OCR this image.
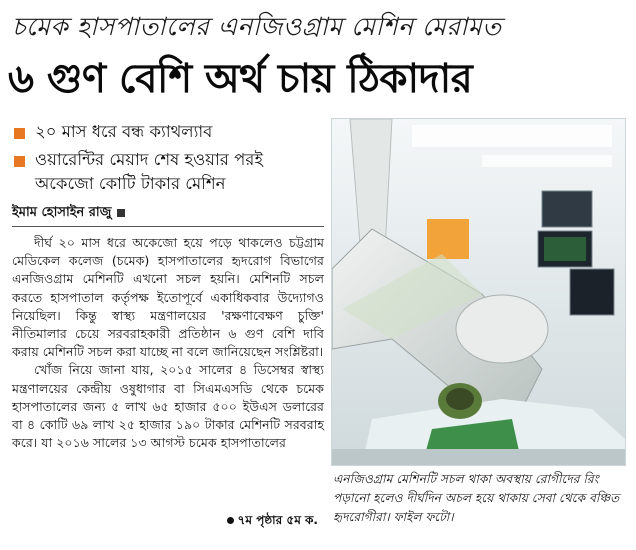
চমেক হাসপাতালের এনজিওগ্রাম মেশিন মেরামত
৬ গুণ বেশি অর্থ চায় ঠিকাদার
২০ মাস ধরে বন্ধ ক্যাথল্যাব
ওয়ারেন্টির মেয়াদ শেষ হওয়ার পরই অকেজো কোটি টাকার মেশিন
ইমাম হোসাইন রাজু

দীর্ঘ ২০ মাস ধরে অকেজো হয়ে পড়ে থাকলেও চট্টগ্রাম মেডিকেল কলেজ (চমেক) হাসপাতালের হৃদরোগ বিভাগের এনজিওগ্রাম মেশিনটি এখনো সচল হয়নি। মেশিনটি সচল করতে হাসপাতাল কর্তৃপক্ষ ইতোপূর্বে একাধিকবার উদ্যোগও নিয়েছিল। কিন্তু স্বাস্থ্য মন্ত্রণালয়ের 'রক্ষণাবেক্ষণ চুক্তি' নীতিমালার চেয়ে সরবরাহকারী প্রতিষ্ঠান ৬ গুণ বেশি দাবি করায় মেশিনটি সচল করা যাচ্ছে না বলে জানিয়েছেন সংশ্লিষ্টরা।

খোঁজ নিয়ে জানা যায়, ২০১৫ সালের ৪ ডিসেম্বর স্বাস্থ্য মন্ত্রণালয়ের কেন্দ্রীয় ওষুধাগার বা সিএমএসডি থেকে চমেক হাসপাতালের জন্য ৫ লাখ ৬৫ হাজার ৫০০ ইউএস ডলারের বা ৪ কোটি ৬৯ লাখ ২৫ হাজার ১৯০ টাকার মেশিনটি সরবরাহ করে। যা ২০১৬ সালের ১৩ আগস্ট চমেক হাসপাতালের

৭ম পৃষ্ঠার ৫ম ক.
এনজিওগ্রাম মেশিনটি সচল থাকা অবস্থায় রোগীদের রিং পড়ানো হলেও দীর্ঘদিন অচল হয়ে থাকায় সেবা থেকে বঞ্চিত হৃদরোগীরা। ফাইল ফটো।
